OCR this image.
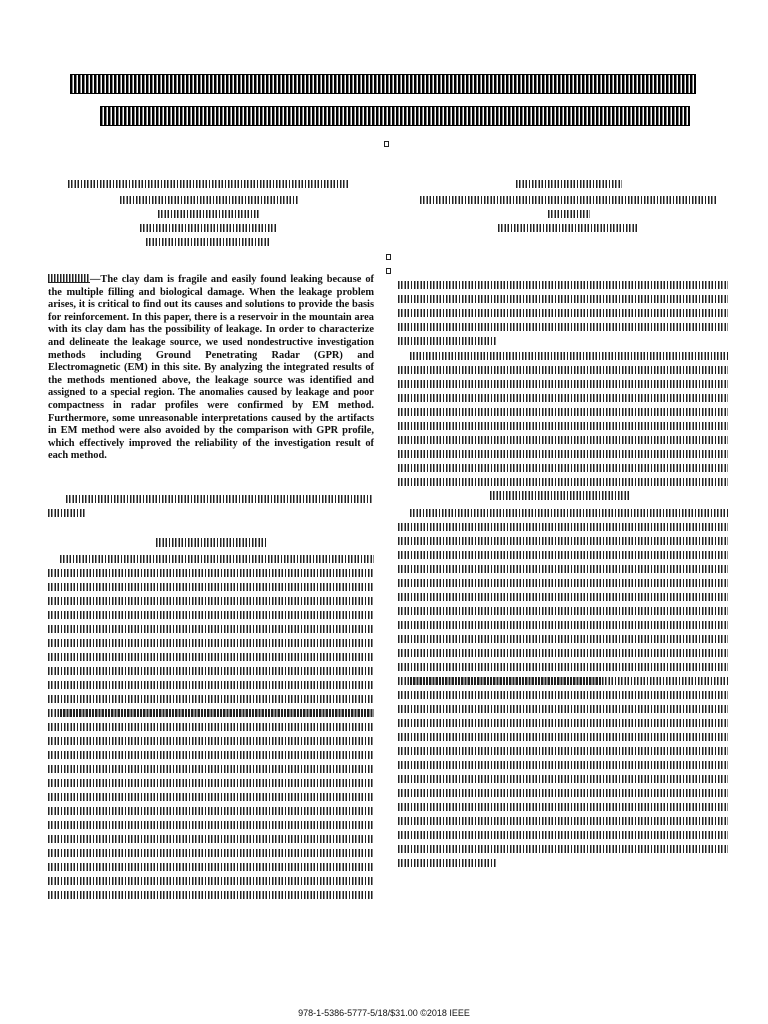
—The clay dam is fragile and easily found leaking because of the multiple filling and biological damage. When the leakage problem arises, it is critical to find out its causes and solutions to provide the basis for reinforcement. In this paper, there is a reservoir in the mountain area with its clay dam has the possibility of leakage. In order to characterize and delineate the leakage source, we used nondestructive investigation methods including Ground Penetrating Radar (GPR) and Electromagnetic (EM) in this site. By analyzing the integrated results of the methods mentioned above, the leakage source was identified and assigned to a special region. The anomalies caused by leakage and poor compactness in radar profiles were confirmed by EM method. Furthermore, some unreasonable interpretations caused by the artifacts in EM method were also avoided by the comparison with GPR profile, which effectively improved the reliability of the investigation result of each method.

978-1-5386-5777-5/18/$31.00 ©2018 IEEE
